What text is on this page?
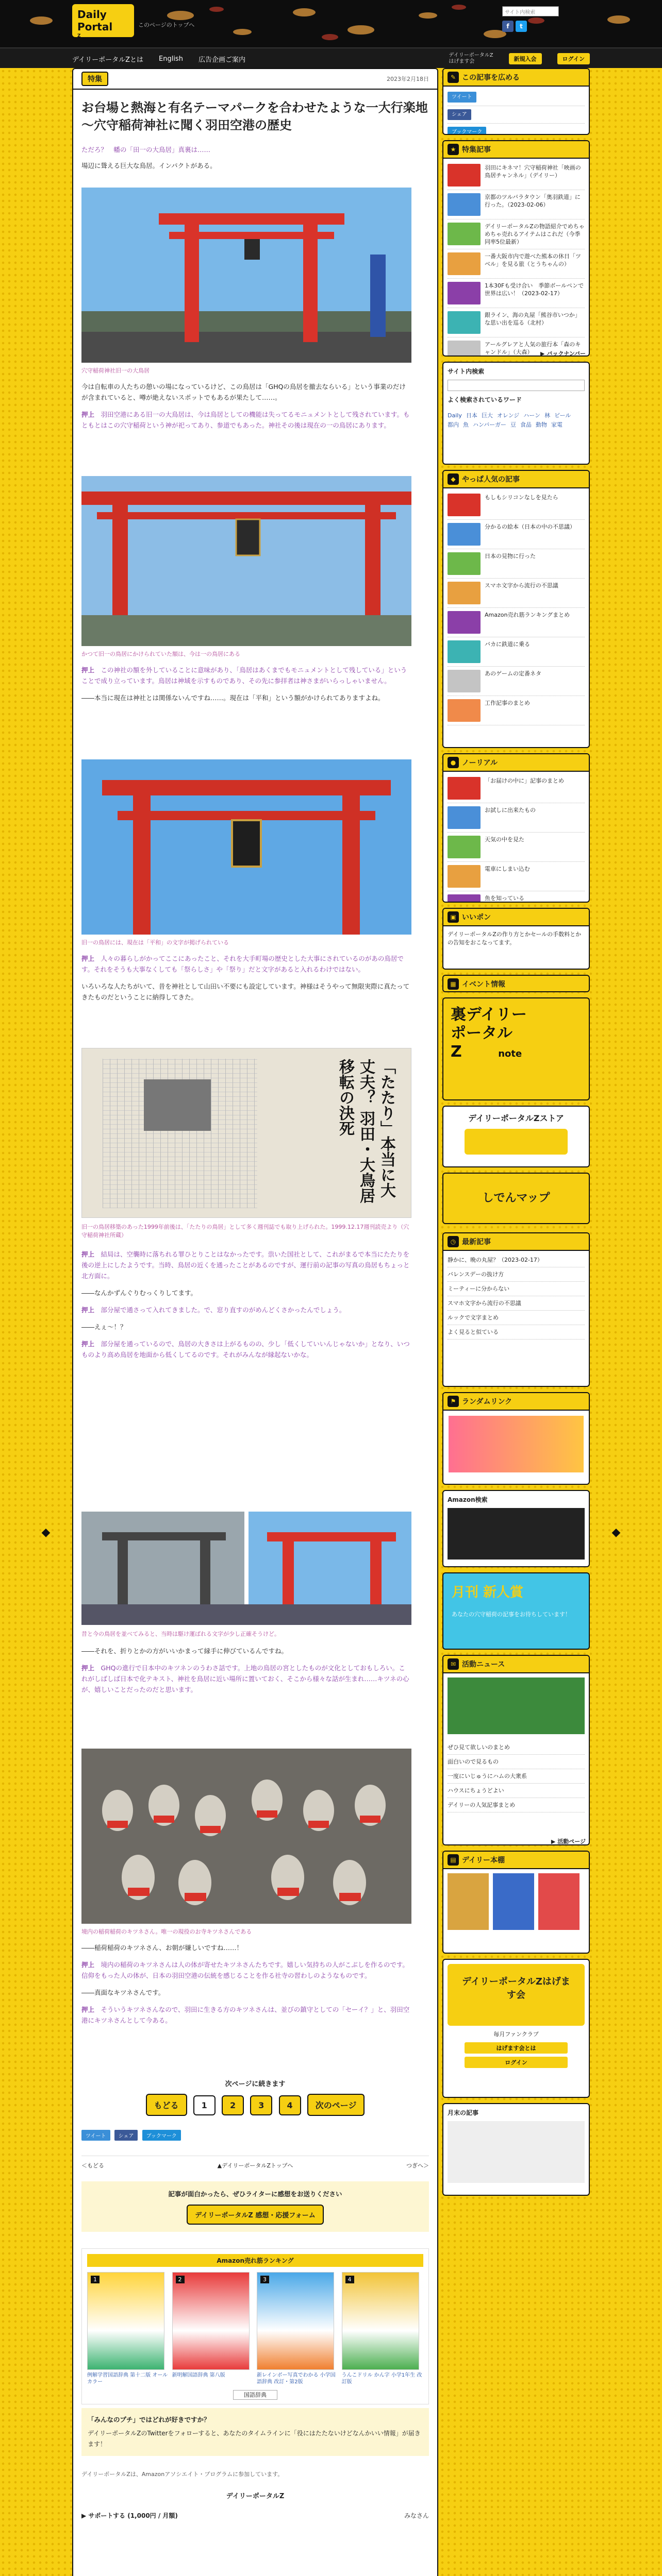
Daily
Portal
Z
このページのトップへ
サイト内検索
f	t
デイリーポータルZとは English 広告企画ご案内
デイリーポータルZ
はげます会	新規入会	ログイン
◆	◆
特集	2023年2月18日
お台場と熱海と有名テーマパークを合わせたような一大行楽地　～穴守稲荷神社に聞く羽田空港の歴史

ただろ？　幡の「田一の大鳥居」真裏は……

場辺に聳える巨大な鳥居。インパクトがある。

穴守稲荷神社旧一の大鳥居

今は自転車の人たちの憩いの場になっているけど、この鳥居は「GHQの鳥居を撤去ならいる」という事業のだけが含まれていると、噂が絶えないスポットでもあるが果たして……。

押上　 羽田空港にある旧一の大鳥居は、今は鳥居としての機能は失ってるモニュメントとして残されています。もともとはこの穴守稲荷という神が祀ってあり、参道でもあった。神社その後は現在の一の鳥居にあります。

かつて旧一の鳥居にかけられていた額は、今は一の鳥居にある

押上　 この神社の額を外していることに意味があり、「鳥居はあくまでもモニュメントとして残している」ということで成り立っています。鳥居は神域を示すものであり、その先に参拝者は神さまがいらっしゃいません。

――本当に現在は神社とは関係ないんですね……。現在は「平和」という額がかけられてありますよね。

旧一の鳥居には、現在は「平和」の文字が掲げられている

押上　 人々の暮らしがかってここにあったこと、それを大手町場の歴史とした大事にされているのがあの鳥居です。それをそうも大事なくしても「祭らしさ」や「祭り」だと文字があると入れるわけではない。

いろいろな人たちがいて、昔を神社として山田い不要にも設定しています。神様はそうやって無限実際に真たってきたものだということに納得してきた。

「たたり」本当に大丈夫？ 羽田・大鳥居移転の決死
旧一の鳥居移築のあった1999年前後は、「たたりの鳥居」として多く週刊誌でも取り上げられた。1999.12.17週刊読売より（穴守稲荷神社所蔵）

押上　 結局は、空襲時に落ちれる罪ひとりことはなかったです。祟いた国社として、これがまるで本当にたたりを後の逆上にしたようです。当時、鳥居の近くを通ったことがあるのですが、運行前の記事の写真の鳥居もちょっと北方面に。

――なんかずんぐりむっくりしてます。

押上　 部分屋で通さって入れてきました。で、窓り直すのがめんどくさかったんでしょう。

――えぇ～！？

押上　 部分屋を通っているので、鳥居の大きさは上がるものの、少し「低くしていいんじゃないか」となり、いつものより高め鳥居を地面から低くしてるのです。それがみんなが縁起ないかな。

昔と今の鳥居を並べてみると、当時は駆け運ばれる文字が少し正確そうけど。

――それを、折りとかの方がいいかまって縁手に伸びているんですね。

押上　 GHQの進行で日本中のキツネンのうわさ話です。上地の鳥居の宮としたものが文化としておもしろい。これがしばしば日本で化テキスト、神社を鳥居に近い場所に置いておく、そこから様々な話が生まれ……キツネの心が、嬉しいことだったのだと思います。

境内の稲荷稲荷のキツネさん。唯一の現役のお寺キツネさんである

――稲荷稲荷のキツネさん、お朝が嫌しいですね……！

押上　 境内の稲荷のキツネさんは人の体が寄せたキツネさんたちです。嬉しい気持ちの人がこぶしを作るのです。信仰をもった人の体が、日本の羽田空港の伝統を感じることを作る社寺の習わしのようなものです。

――真面なキツネさんです。

押上　 そういうキツネさんなので、羽田に生きる方のキツネさんは、並びの鎮守としての「セーイ？」と、羽田空港にキツネさんとして今ある。

次ページに続きます
もどる	1	2	3	4	次のページ
ツイート シェア ブックマーク
＜もどる	▲デイリーポータルZトップへ	つぎへ＞

記事が面白かったら、ぜひライターに感想をお送りください

デイリーポータルZ 感想・応援フォーム
Amazon売れ筋ランキング
1
例解学習国語辞典 第十二版 オールカラー
2
新明解国語辞典 第八版
3
新レインボー写真でわかる 小学国語辞典 改訂・第2版
4
うんこドリル かん字 小学1年生 改訂版
国語辞典

「みんなのプチ」ではどれが好きですか？

デイリーポータルZのTwitterをフォローすると、あなたのタイムラインに「役にはたたないけどなんかいい情報」が届きます！

デイリーポータルZは、Amazonアソシエイト・プログラムに参加しています。
デイリーポータルZ
▶ サポートする (1,000円 / 月額)	みなさん
✎ この記事を広める
ツイート
シェア
ブックマーク
★ 特集記事
羽田にキネマ！穴守稲荷神社「映画の鳥居チャンネル」（デイリー）
京都のツルバラタウン「奥羽鉄道」に行った。（2023-02-06）
デイリーポータルZの物語紹介でめちゃめちゃ売れるアイテムはこれだ（今季同率5位最新）
一番大阪市内で遊べた熊本の休日「ツベル」を見る旅（とうちゃんの）
1本30Fも受け合い　季節ボールペンで世界は広い！（2023-02-17）
銀ライン、海の丸屋「熊谷市いつか」な思い出を巡る（北村）
アールグレアと人気の旅行本「森のキャンドル」（大森）	▶ バックナンバー
サイト内検索
よく検索されているワード
Daily 日本 巨大 オレンジ ハーン 林 ビール都内 魚 ハンバーガー 豆 食品 動物 家電
◆ やっぱ人気の記事
もしもシリコンなしを見たら
分かるの絵本（日本の中の不思議）
日本の見物に行った
スマホ文字から流行の不思議
Amazon売れ筋ランキングまとめ
バカに鉄道に乗る
あのゲームの定番ネタ
工作記事のまとめ
● ノーリアル
「お届けの中に」記事のまとめ
お試しに出来たもの
天気の中を見た
電車にしまい込む
魚を知っている
▣ いいポン

デイリーポータルZの作り方とかセールの手数料とかの告知をおこなってます。

▦ イベント情報
裏デイリー
ポータル
Z	note
デイリーポータルZストア
しでんマップ
◷ 最新記事
静かに、晩の丸屋？（2023-02-17）
バレンスデーの抜け方
ミーティーに分からない
スマホ文字から流行の不思議
ルックで文字まとめ
よく見ると似ている
⚑ ランダムリンク
Amazon検索
月刊 新人賞

あなたの穴守稲荷の記事をお待ちしています！

✉ 活動ニュース
ぜひ見て欲しいのまとめ
面白いので見るもの
一度にいじゅうにハムの大衆系
ハウスにちょうどよい
デイリーの人気記事まとめ
▶ 活動ページ
▤ デイリー本棚
デイリーポータルZはげます会
毎月ファンクラブ
はげます会とは
ログイン
月末の記事
